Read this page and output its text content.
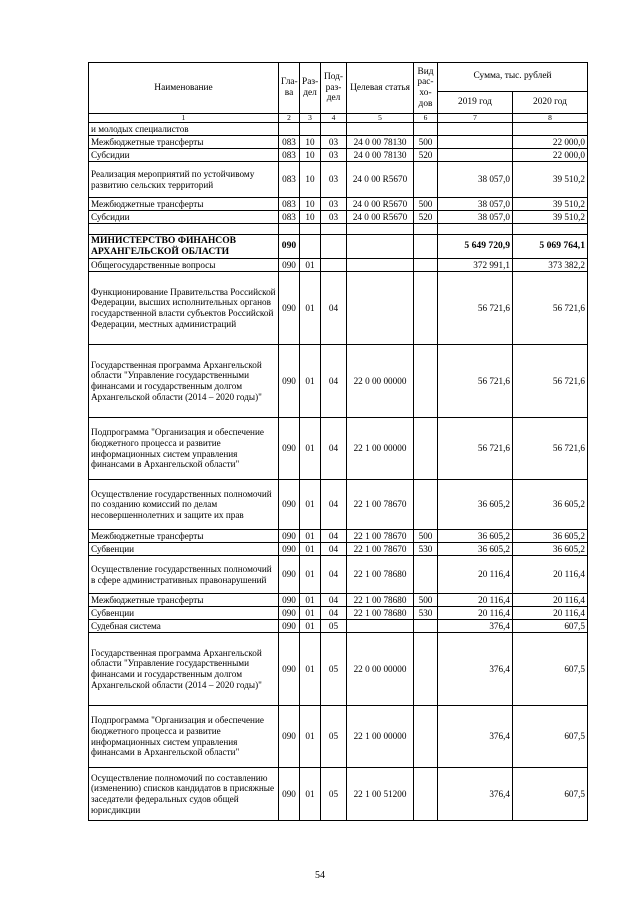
Наименование	Гла-ва	Раз-дел	Под-раз-дел	Целевая статья	Вид рас-хо-дов	Сумма, тыс. рублей	
						2019 год	2020 год
1	2	3	4	5	6	7	8
и молодых специалистов							
Межбюджетные трансферты	083	10	03	24 0 00 78130	500		22 000,0
Субсидии	083	10	03	24 0 00 78130	520		22 000,0
Реализация мероприятий по устойчивому развитию сельских территорий	083	10	03	24 0 00 R5670		38 057,0	39 510,2
Межбюджетные трансферты	083	10	03	24 0 00 R5670	500	38 057,0	39 510,2
Субсидии	083	10	03	24 0 00 R5670	520	38 057,0	39 510,2

МИНИСТЕРСТВО ФИНАНСОВ АРХАНГЕЛЬСКОЙ ОБЛАСТИ	090					5 649 720,9	5 069 764,1
Общегосударственные вопросы	090	01				372 991,1	373 382,2
Функционирование Правительства Российской Федерации, высших исполнительных органов государственной власти субъектов Российской Федерации, местных администраций	090	01	04			56 721,6	56 721,6
Государственная программа Архангельской области "Управление государственными финансами и государственным долгом Архангельской области (2014 – 2020 годы)"	090	01	04	22 0 00 00000		56 721,6	56 721,6
Подпрограмма "Организация и обеспечение бюджетного процесса и развитие информационных систем управления финансами в Архангельской области"	090	01	04	22 1 00 00000		56 721,6	56 721,6
Осуществление государственных полномочий по созданию комиссий по делам несовершеннолетних и защите их прав	090	01	04	22 1 00 78670		36 605,2	36 605,2
Межбюджетные трансферты	090	01	04	22 1 00 78670	500	36 605,2	36 605,2
Субвенции	090	01	04	22 1 00 78670	530	36 605,2	36 605,2
Осуществление государственных полномочий в сфере административных правонарушений	090	01	04	22 1 00 78680		20 116,4	20 116,4
Межбюджетные трансферты	090	01	04	22 1 00 78680	500	20 116,4	20 116,4
Субвенции	090	01	04	22 1 00 78680	530	20 116,4	20 116,4
Судебная система	090	01	05			376,4	607,5
Государственная программа Архангельской области "Управление государственными финансами и государственным долгом Архангельской области (2014 – 2020 годы)"	090	01	05	22 0 00 00000		376,4	607,5
Подпрограмма "Организация и обеспечение бюджетного процесса и развитие информационных систем управления финансами в Архангельской области"	090	01	05	22 1 00 00000		376,4	607,5
Осуществление полномочий по составлению (изменению) списков кандидатов в присяжные заседатели федеральных судов общей юрисдикции	090	01	05	22 1 00 51200		376,4	607,5
54
